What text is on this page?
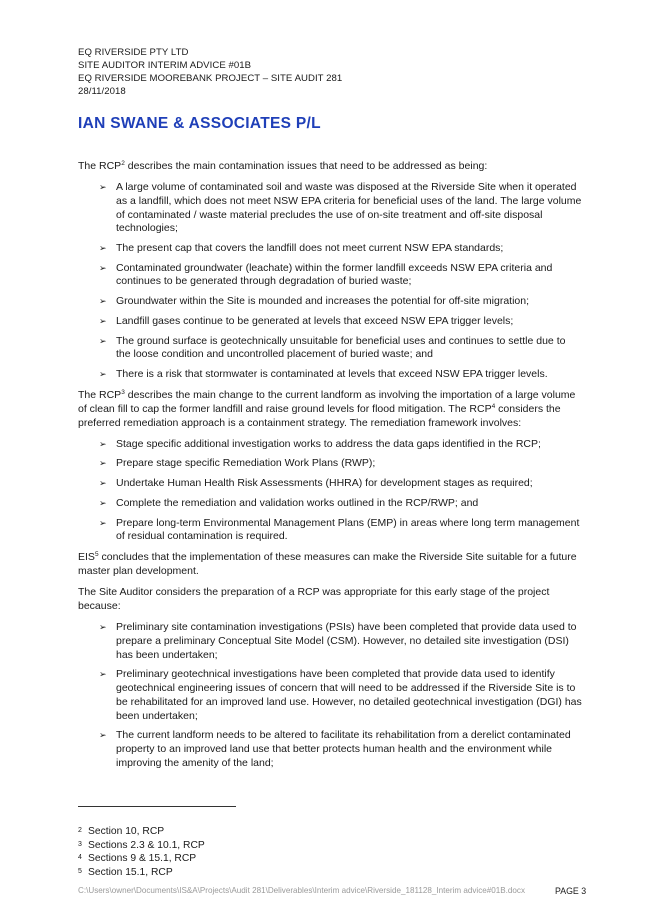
EQ RIVERSIDE PTY LTD
SITE AUDITOR INTERIM ADVICE #01B
EQ RIVERSIDE MOOREBANK PROJECT – SITE AUDIT 281
28/11/2018
IAN SWANE & ASSOCIATES P/L

The RCP$^2$ describes the main contamination issues that need to be addressed as being:

➢ A large volume of contaminated soil and waste was disposed at the Riverside Site when it operated as a landfill, which does not meet NSW EPA criteria for beneficial uses of the land. The large volume of contaminated / waste material precludes the use of on-site treatment and off-site disposal technologies;
➢ The present cap that covers the landfill does not meet current NSW EPA standards;
➢ Contaminated groundwater (leachate) within the former landfill exceeds NSW EPA criteria and continues to be generated through degradation of buried waste;
➢ Groundwater within the Site is mounded and increases the potential for off-site migration;
➢ Landfill gases continue to be generated at levels that exceed NSW EPA trigger levels;
➢ The ground surface is geotechnically unsuitable for beneficial uses and continues to settle due to the loose condition and uncontrolled placement of buried waste; and
➢ There is a risk that stormwater is contaminated at levels that exceed NSW EPA trigger levels.

The RCP$^3$ describes the main change to the current landform as involving the importation of a large volume of clean fill to cap the former landfill and raise ground levels for flood mitigation. The RCP$^4$ considers the preferred remediation approach is a containment strategy. The remediation framework involves:

➢ Stage specific additional investigation works to address the data gaps identified in the RCP;
➢ Prepare stage specific Remediation Work Plans (RWP);
➢ Undertake Human Health Risk Assessments (HHRA) for development stages as required;
➢ Complete the remediation and validation works outlined in the RCP/RWP; and
➢ Prepare long-term Environmental Management Plans (EMP) in areas where long term management of residual contamination is required.

EIS$^5$ concludes that the implementation of these measures can make the Riverside Site suitable for a future master plan development.

The Site Auditor considers the preparation of a RCP was appropriate for this early stage of the project because:

➢ Preliminary site contamination investigations (PSIs) have been completed that provide data used to prepare a preliminary Conceptual Site Model (CSM). However, no detailed site investigation (DSI) has been undertaken;
➢ Preliminary geotechnical investigations have been completed that provide data used to identify geotechnical engineering issues of concern that will need to be addressed if the Riverside Site is to be rehabilitated for an improved land use. However, no detailed geotechnical investigation (DGI) has been undertaken;
➢ The current landform needs to be altered to facilitate its rehabilitation from a derelict contaminated property to an improved land use that better protects human health and the environment while improving the amenity of the land;
2 Section 10, RCP
3 Sections 2.3 & 10.1, RCP
4 Sections 9 & 15.1, RCP
5 Section 15.1, RCP
C:\Users\owner\Documents\IS&A\Projects\Audit 281\Deliverables\Interim advice\Riverside_181128_Interim advice#01B.docx	PAGE 3
